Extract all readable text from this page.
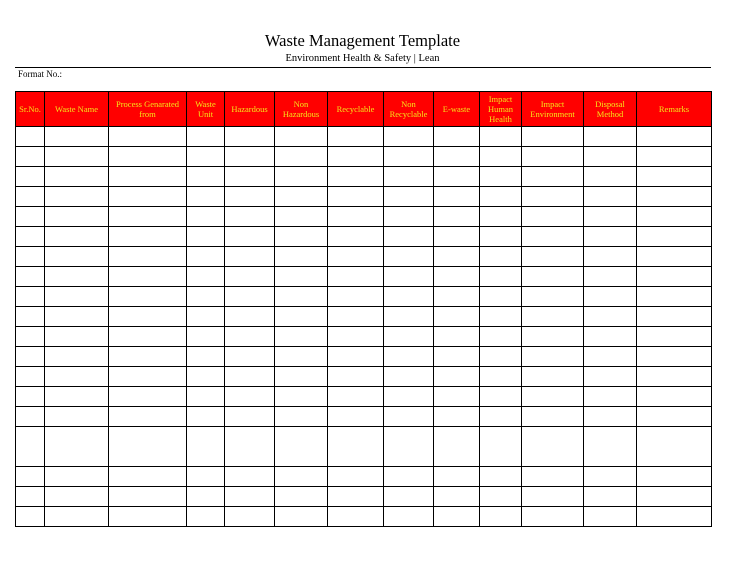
Waste Management Template
Environment Health & Safety | Lean
Format No.:
Sr.No.	Waste Name	Process Genarated from	Waste Unit	Hazardous	Non Hazardous	Recyclable	Non Recyclable	E-waste	Impact Human Health	Impact Environment	Disposal Method	Remarks
